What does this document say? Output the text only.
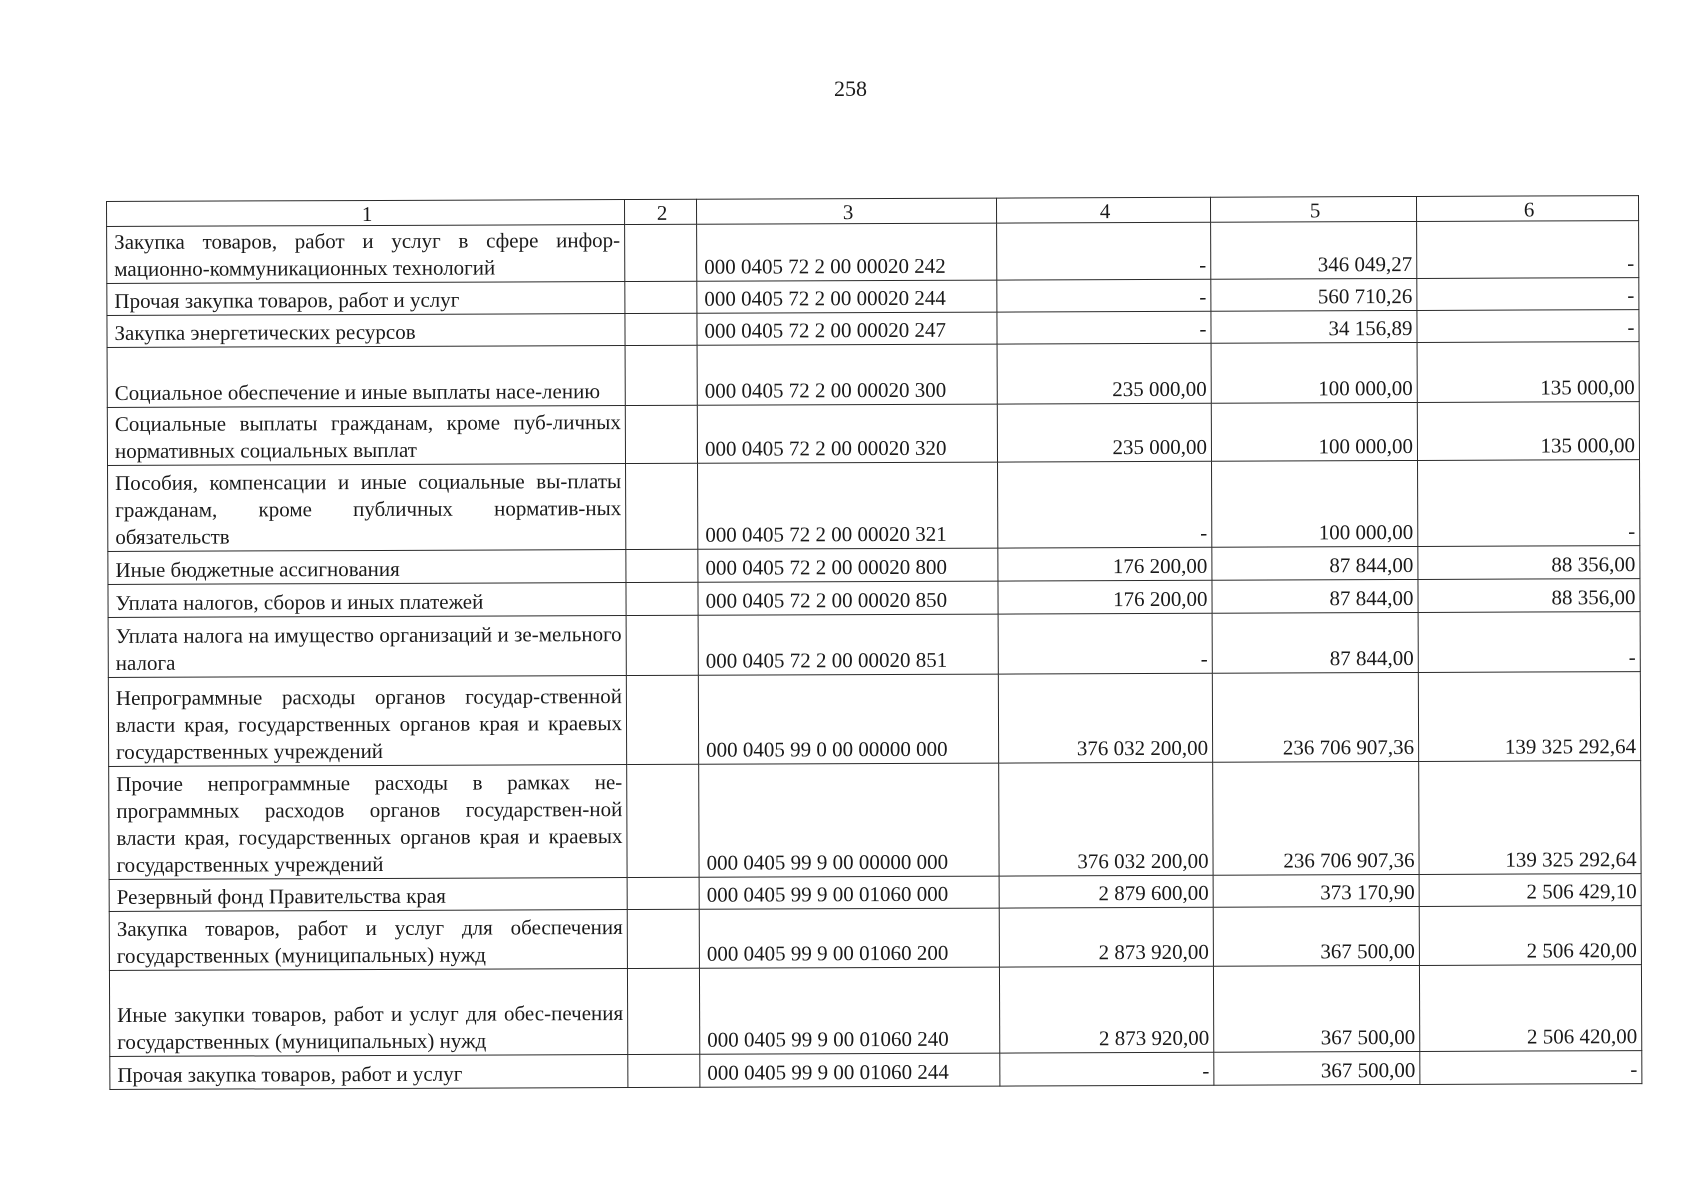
258
1	2	3	4	5	6
Закупка товаров, работ и услуг в сфере инфор-мационно-коммуникационных технологий		000 0405 72 2 00 00020 242	-	346 049,27	-
Прочая закупка товаров, работ и услуг		000 0405 72 2 00 00020 244	-	560 710,26	-
Закупка энергетических ресурсов		000 0405 72 2 00 00020 247	-	34 156,89	-
Социальное обеспечение и иные выплаты насе-лению		000 0405 72 2 00 00020 300	235 000,00	100 000,00	135 000,00
Социальные выплаты гражданам, кроме пуб-личных нормативных социальных выплат		000 0405 72 2 00 00020 320	235 000,00	100 000,00	135 000,00
Пособия, компенсации и иные социальные вы-платы гражданам, кроме публичных норматив-ных обязательств		000 0405 72 2 00 00020 321	-	100 000,00	-
Иные бюджетные ассигнования		000 0405 72 2 00 00020 800	176 200,00	87 844,00	88 356,00
Уплата налогов, сборов и иных платежей		000 0405 72 2 00 00020 850	176 200,00	87 844,00	88 356,00
Уплата налога на имущество организаций и зе-мельного налога		000 0405 72 2 00 00020 851	-	87 844,00	-
Непрограммные расходы органов государ-ственной власти края, государственных органов края и краевых государственных учреждений		000 0405 99 0 00 00000 000	376 032 200,00	236 706 907,36	139 325 292,64
Прочие непрограммные расходы в рамках не-программных расходов органов государствен-ной власти края, государственных органов края и краевых государственных учреждений		000 0405 99 9 00 00000 000	376 032 200,00	236 706 907,36	139 325 292,64
Резервный фонд Правительства края		000 0405 99 9 00 01060 000	2 879 600,00	373 170,90	2 506 429,10
Закупка товаров, работ и услуг для обеспечения государственных (муниципальных) нужд		000 0405 99 9 00 01060 200	2 873 920,00	367 500,00	2 506 420,00
Иные закупки товаров, работ и услуг для обес-печения государственных (муниципальных) нужд		000 0405 99 9 00 01060 240	2 873 920,00	367 500,00	2 506 420,00
Прочая закупка товаров, работ и услуг		000 0405 99 9 00 01060 244	-	367 500,00	-
